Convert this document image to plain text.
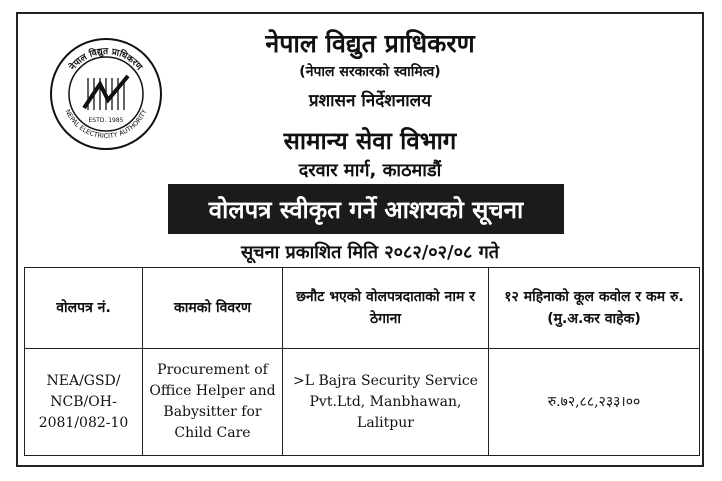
नेपाल विद्युत प्राधिकरण
NEPAL ELECTRICITY AUTHORITY
ESTD. 1985
नेपाल विद्युत प्राधिकरण
(नेपाल सरकारको स्वामित्व)
प्रशासन निर्देशनालय
सामान्य सेवा विभाग
दरवार मार्ग, काठमाडौं
वोलपत्र स्वीकृत गर्ने आशयको सूचना
सूचना प्रकाशित मिति २०८२/०२/०८ गते
वोलपत्र नं.	कामको विवरण	छनौट भएको वोलपत्रदाताको नाम र ठेगाना	१२ महिनाको कूल कवोल र कम रु. (मु.अ.कर वाहेक)
NEA/GSD/ NCB/OH- 2081/082-10	Procurement of Office Helper and Babysitter for Child Care	>L Bajra Security Service Pvt.Ltd, Manbhawan, Lalitpur	रु.७२,८८,२३३।००
